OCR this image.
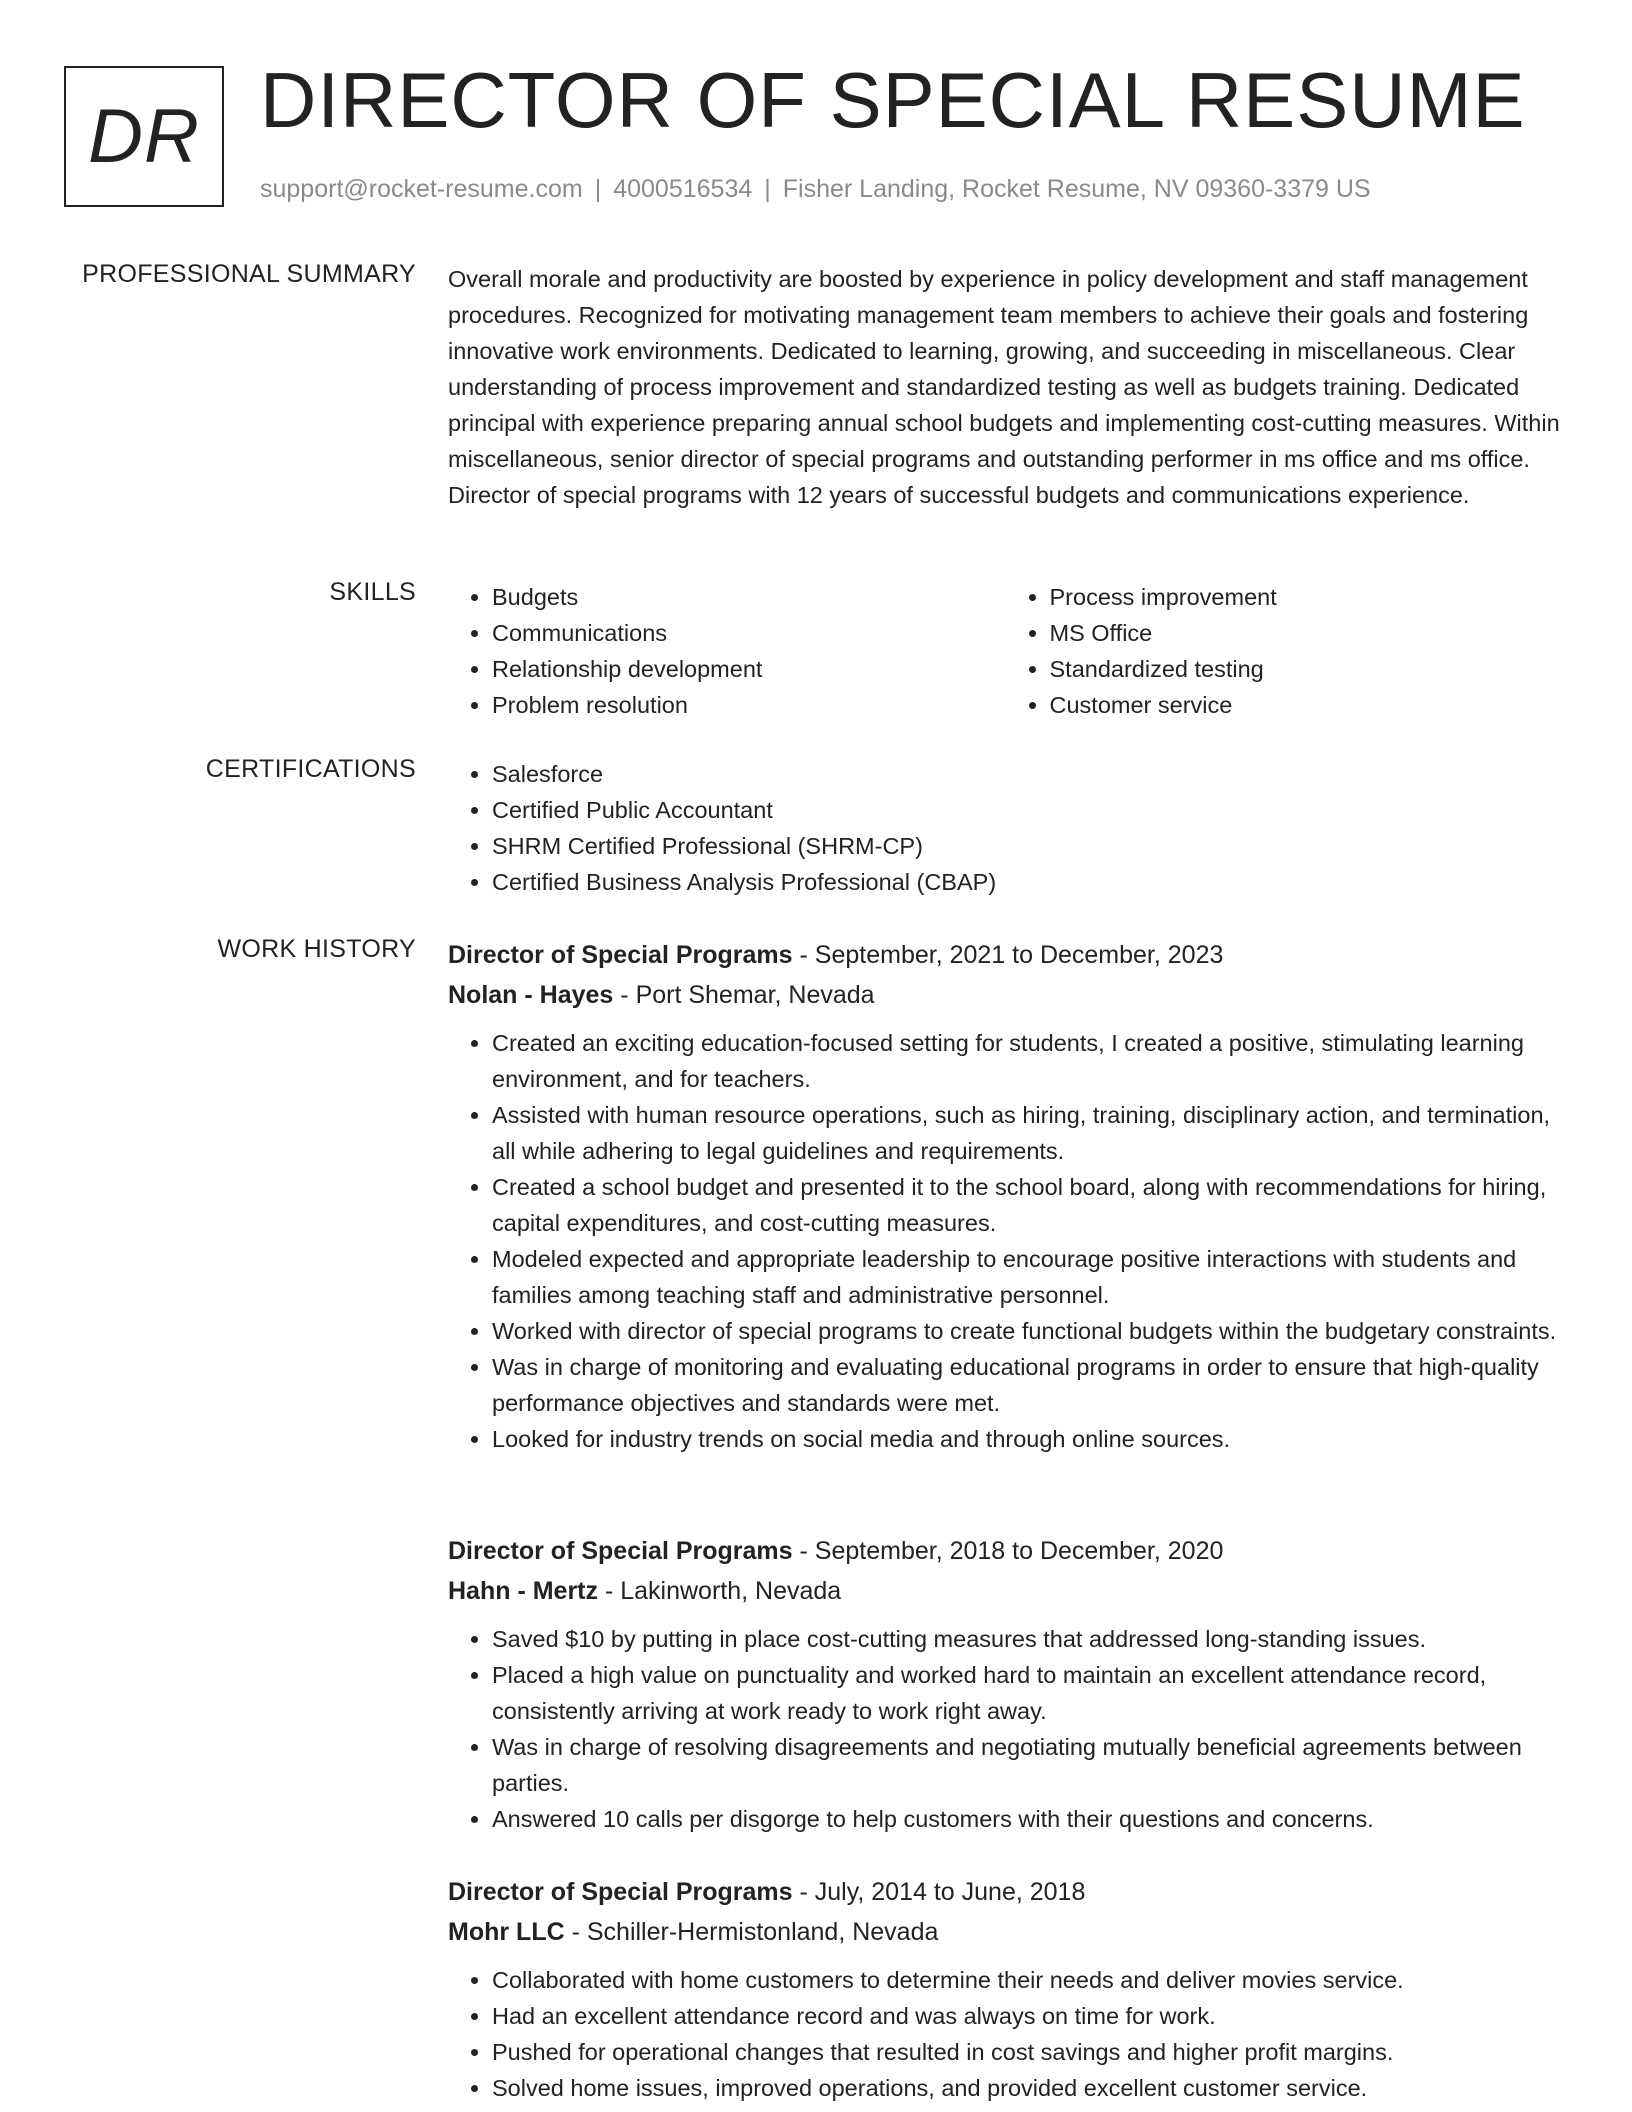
DR DIRECTOR OF SPECIAL RESUME
support@rocket-resume.com | 4000516534 | Fisher Landing, Rocket Resume, NV 09360-3379 US
PROFESSIONAL SUMMARY Overall morale and productivity are boosted by experience in policy development and staff management procedures. Recognized for motivating management team members to achieve their goals and fostering innovative work environments. Dedicated to learning, growing, and succeeding in miscellaneous. Clear understanding of process improvement and standardized testing as well as budgets training. Dedicated principal with experience preparing annual school budgets and implementing cost-cutting measures. Within miscellaneous, senior director of special programs and outstanding performer in ms office and ms office. Director of special programs with 12 years of successful budgets and communications experience.

SKILLS	• Budgets
• Communications
• Relationship development
• Problem resolution
• Process improvement
• MS Office
• Standardized testing
• Customer service
CERTIFICATIONS	• Salesforce
• Certified Public Accountant
• SHRM Certified Professional (SHRM-CP)
• Certified Business Analysis Professional (CBAP)
WORK HISTORY Director of Special Programs - September, 2021 to December, 2023
Nolan - Hayes - Port Shemar, Nevada
• Created an exciting education-focused setting for students, I created a positive, stimulating learning environment, and for teachers.
• Assisted with human resource operations, such as hiring, training, disciplinary action, and termination, all while adhering to legal guidelines and requirements.
• Created a school budget and presented it to the school board, along with recommendations for hiring, capital expenditures, and cost-cutting measures.
• Modeled expected and appropriate leadership to encourage positive interactions with students and families among teaching staff and administrative personnel.
• Worked with director of special programs to create functional budgets within the budgetary constraints.
• Was in charge of monitoring and evaluating educational programs in order to ensure that high-quality performance objectives and standards were met.
• Looked for industry trends on social media and through online sources.
Director of Special Programs - September, 2018 to December, 2020
Hahn - Mertz - Lakinworth, Nevada
• Saved $10 by putting in place cost-cutting measures that addressed long-standing issues.
• Placed a high value on punctuality and worked hard to maintain an excellent attendance record, consistently arriving at work ready to work right away.
• Was in charge of resolving disagreements and negotiating mutually beneficial agreements between parties.
• Answered 10 calls per disgorge to help customers with their questions and concerns.
Director of Special Programs - July, 2014 to June, 2018
Mohr LLC - Schiller-Hermistonland, Nevada
• Collaborated with home customers to determine their needs and deliver movies service.
• Had an excellent attendance record and was always on time for work.
• Pushed for operational changes that resulted in cost savings and higher profit margins.
• Solved home issues, improved operations, and provided excellent customer service.
